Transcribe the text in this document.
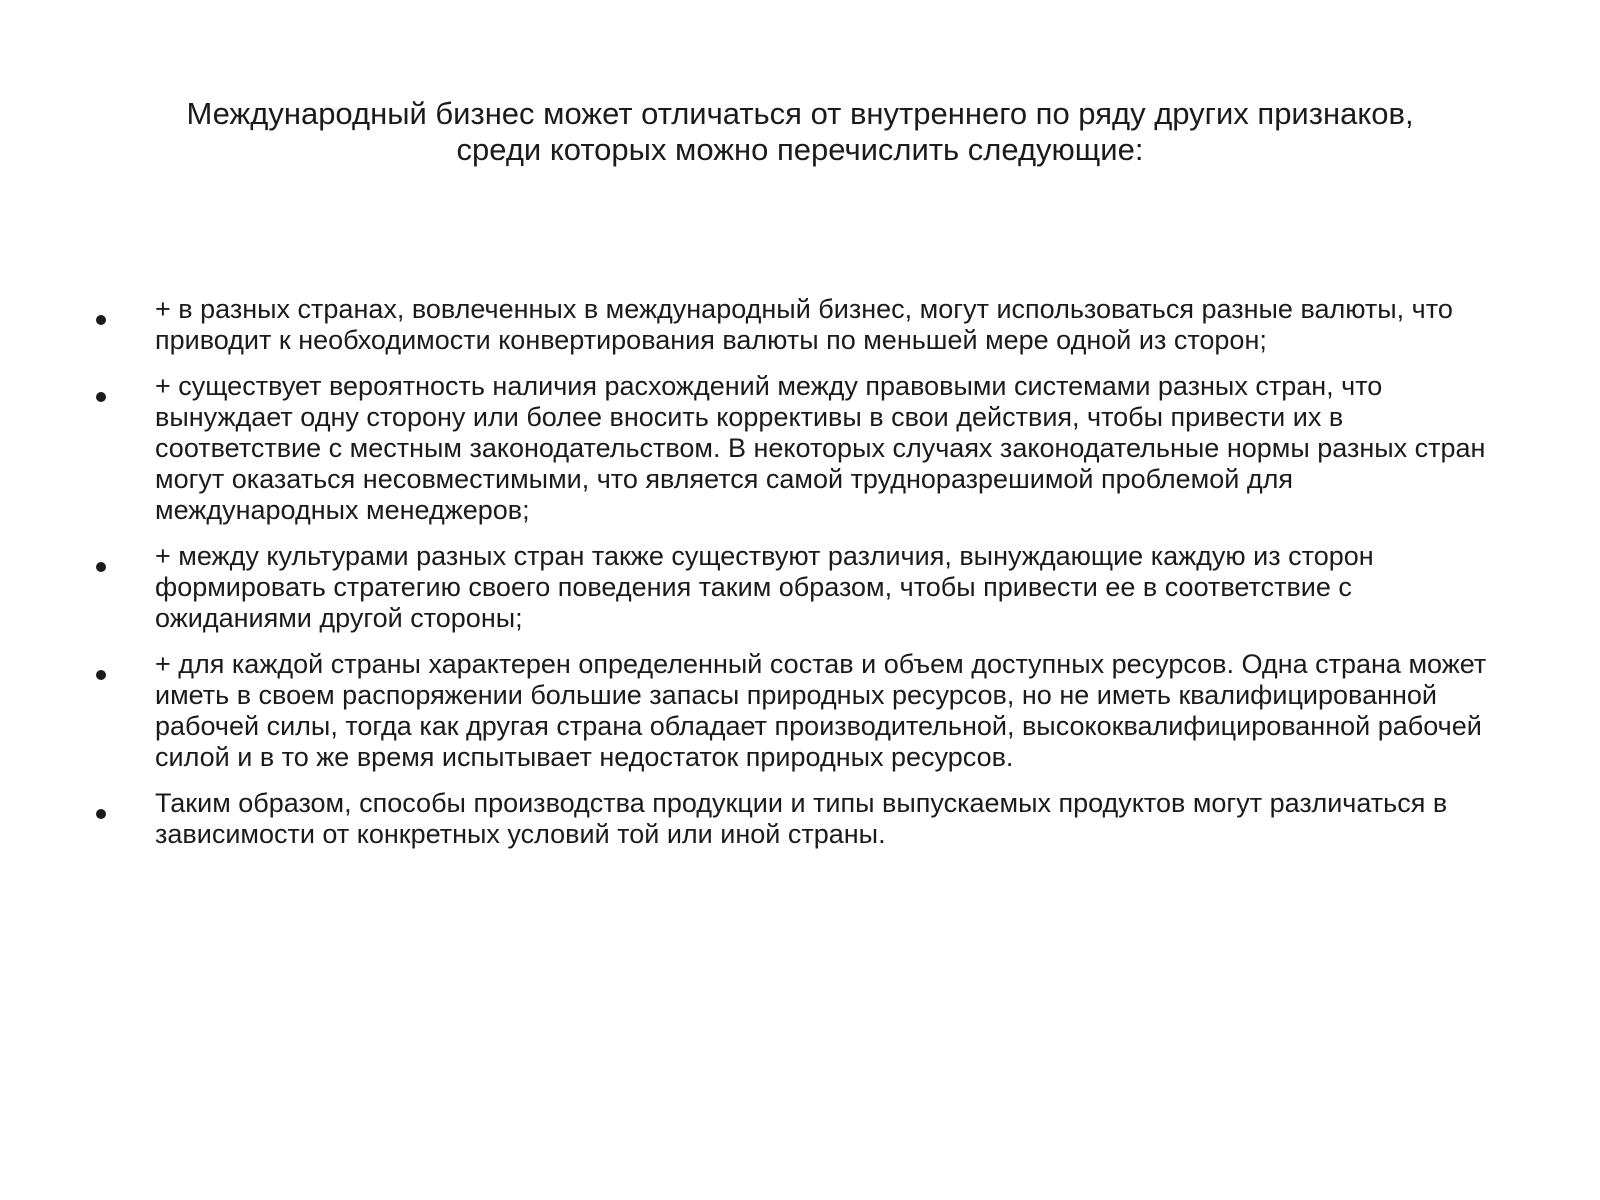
Международный бизнес может отличаться от внутреннего по ряду других признаков,
среди которых можно перечислить следующие:
+ в разных странах, вовлеченных в международный бизнес, могут использоваться разные валюты, что приводит к необходимости конвертирования валюты по меньшей мере одной из сторон;
+ существует вероятность наличия расхождений между правовыми системами разных стран, что вынуждает одну сторону или более вносить коррективы в свои действия, чтобы привести их в соответствие с местным законодательством. В некоторых случаях законодательные нормы разных стран могут оказаться несовместимыми, что является самой трудноразрешимой проблемой для международных менеджеров;
+ между культурами разных стран также существуют различия, вынуждающие каждую из сторон формировать стратегию своего поведения таким образом, чтобы привести ее в соответствие с ожиданиями другой стороны;
+ для каждой страны характерен определенный состав и объем доступных ресурсов. Одна страна может иметь в своем распоряжении большие запасы природных ресурсов, но не иметь квалифицированной рабочей силы, тогда как другая страна обладает производительной, высококвалифицированной рабочей силой и в то же время испытывает недостаток природных ресурсов.
Таким образом, способы производства продукции и типы выпускаемых продуктов могут различаться в зависимости от конкретных условий той или иной страны.
